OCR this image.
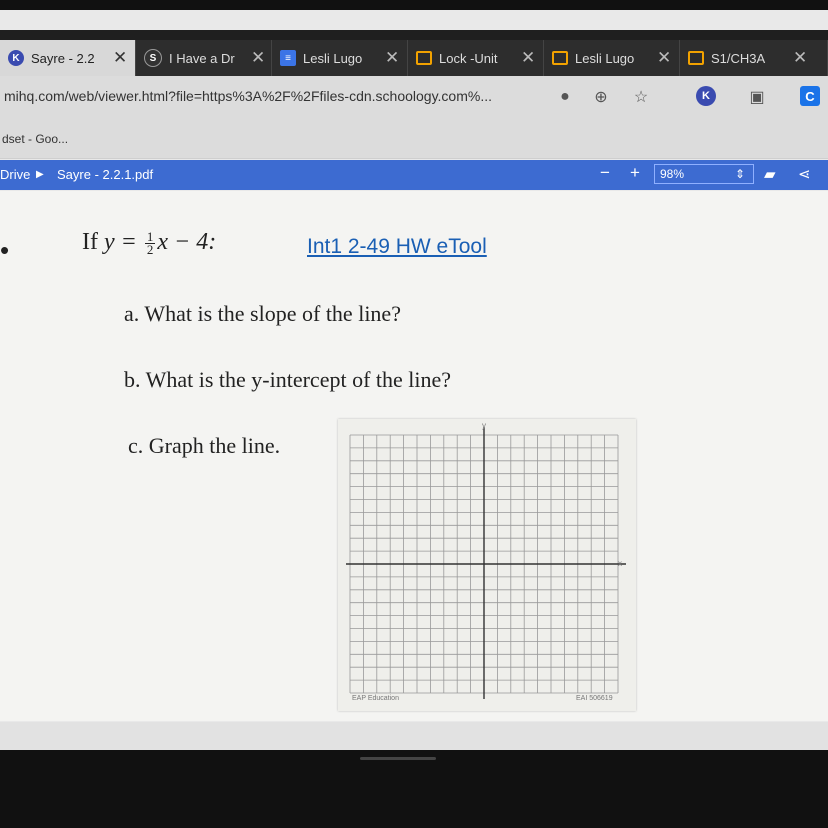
K Sayre - 2.2	✕	S I Have a Dr ✕	≡ Lesli Lugo	✕	Lock -Unit	✕	Lesli Lugo	✕	S1/CH3A	✕
mihq.com/web/viewer.html?file=https%3A%2F%2Ffiles-cdn.schoology.com%...	●	⊕ ☆	K	▣	C
dset - Goo...
Drive ▶ Sayre - 2.2.1.pdf	− +	98%	⇕ ▰ ⋖
•	If $y = \frac{1}{2}$ x − 4:	Int1 2-49 HW eTool
a. What is the slope of the line?
b. What is the y-intercept of the line?
c. Graph the line.
EAP Education	EAI 506619
y
x
